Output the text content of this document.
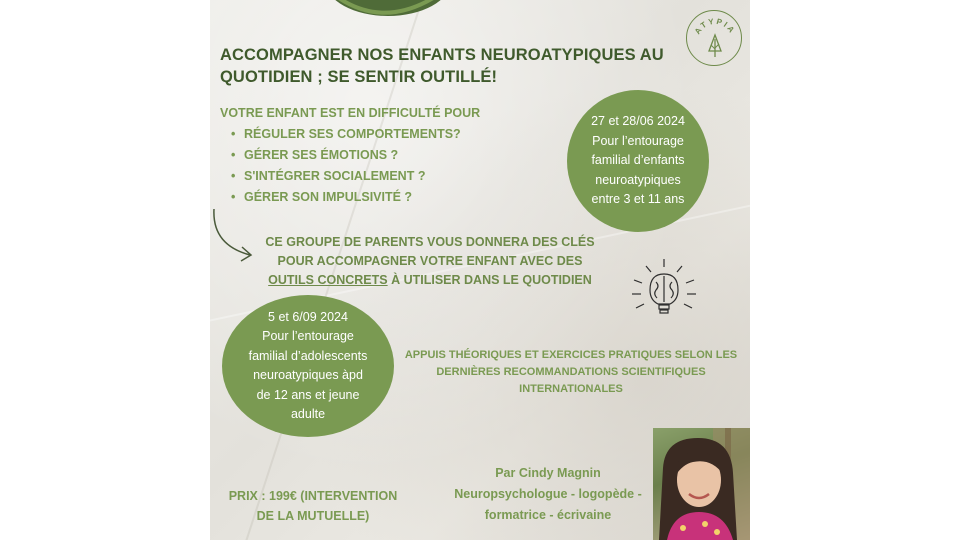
ATYPIA
ACCOMPAGNER NOS ENFANTS NEUROATYPIQUES AU
QUOTIDIEN ; SE SENTIR OUTILLÉ!
VOTRE ENFANT EST EN DIFFICULTÉ POUR
• RÉGULER SES COMPORTEMENTS?
• GÉRER SES ÉMOTIONS ?
• S'INTÉGRER SOCIALEMENT ?
• GÉRER SON IMPULSIVITÉ ?
27 et 28/06 2024
Pour l’entourage
familial d’enfants
neuroatypiques
entre 3 et 11 ans
CE GROUPE DE PARENTS VOUS DONNERA DES CLÉS
POUR ACCOMPAGNER VOTRE ENFANT AVEC DES
OUTILS CONCRETS À UTILISER DANS LE QUOTIDIEN
5 et 6/09 2024
Pour l’entourage
familial d’adolescents
neuroatypiques àpd
de 12 ans et jeune
adulte
APPUIS THÉORIQUES ET EXERCICES PRATIQUES SELON LES
DERNIÈRES RECOMMANDATIONS SCIENTIFIQUES
INTERNATIONALES
Par Cindy Magnin
Neuropsychologue - logopède -
formatrice - écrivaine
PRIX : 199€ (INTERVENTION
DE LA MUTUELLE)
